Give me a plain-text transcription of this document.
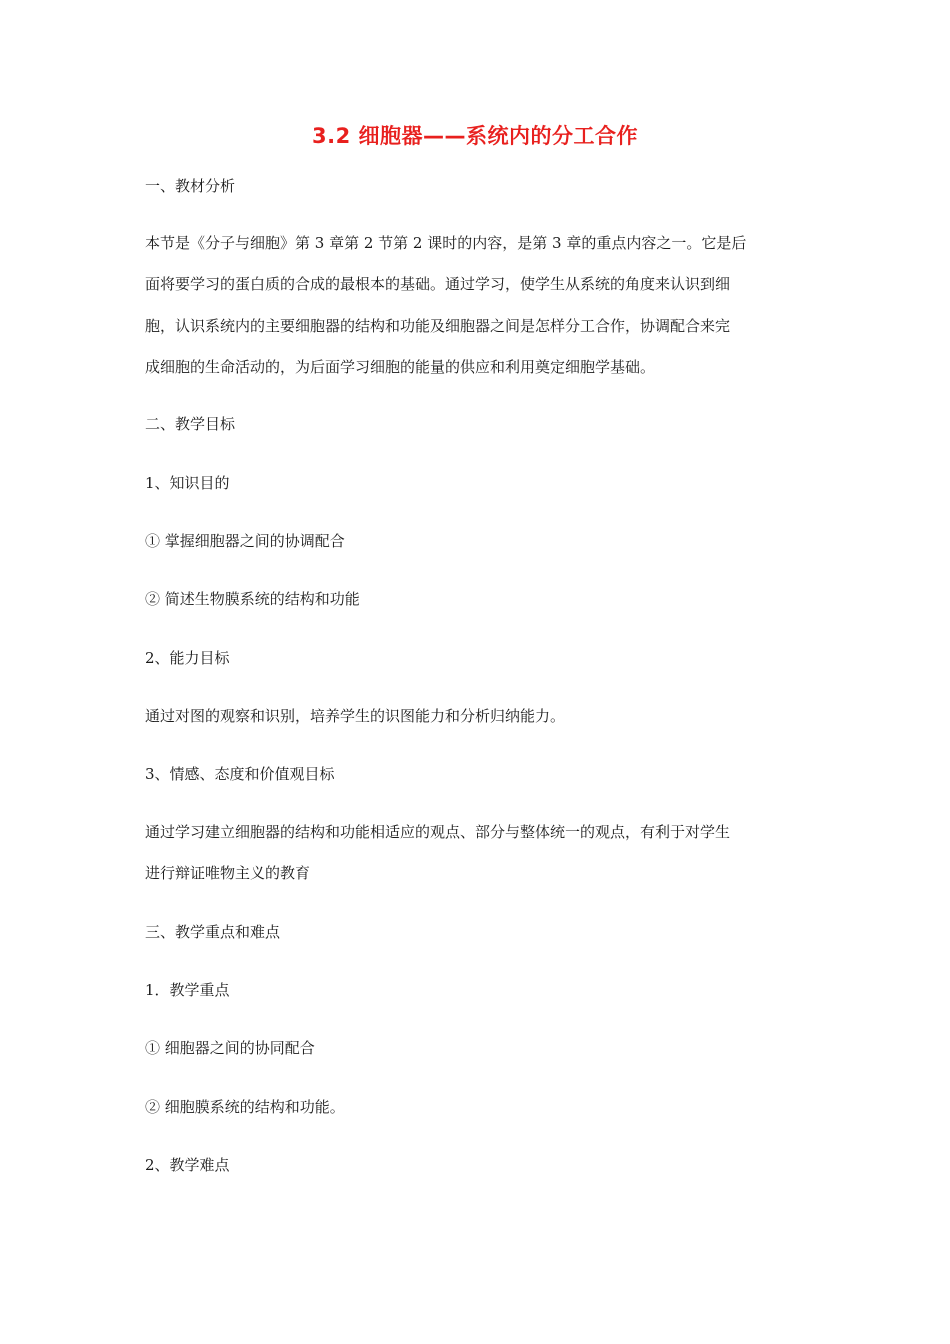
3.2 细胞器——系统内的分工合作
一、教材分析
本节是《分子与细胞》第 3 章第 2 节第 2 课时的内容，是第 3 章的重点内容之一。它是后
面将要学习的蛋白质的合成的最根本的基础。通过学习，使学生从系统的角度来认识到细
胞，认识系统内的主要细胞器的结构和功能及细胞器之间是怎样分工合作，协调配合来完
成细胞的生命活动的，为后面学习细胞的能量的供应和利用奠定细胞学基础。
二、教学目标
1、知识目的
① 掌握细胞器之间的协调配合
② 简述生物膜系统的结构和功能
2、能力目标
通过对图的观察和识别，培养学生的识图能力和分析归纳能力。
3、情感、态度和价值观目标
通过学习建立细胞器的结构和功能相适应的观点、部分与整体统一的观点，有利于对学生
进行辩证唯物主义的教育
三、教学重点和难点
1．教学重点
① 细胞器之间的协同配合
② 细胞膜系统的结构和功能。
2、教学难点
